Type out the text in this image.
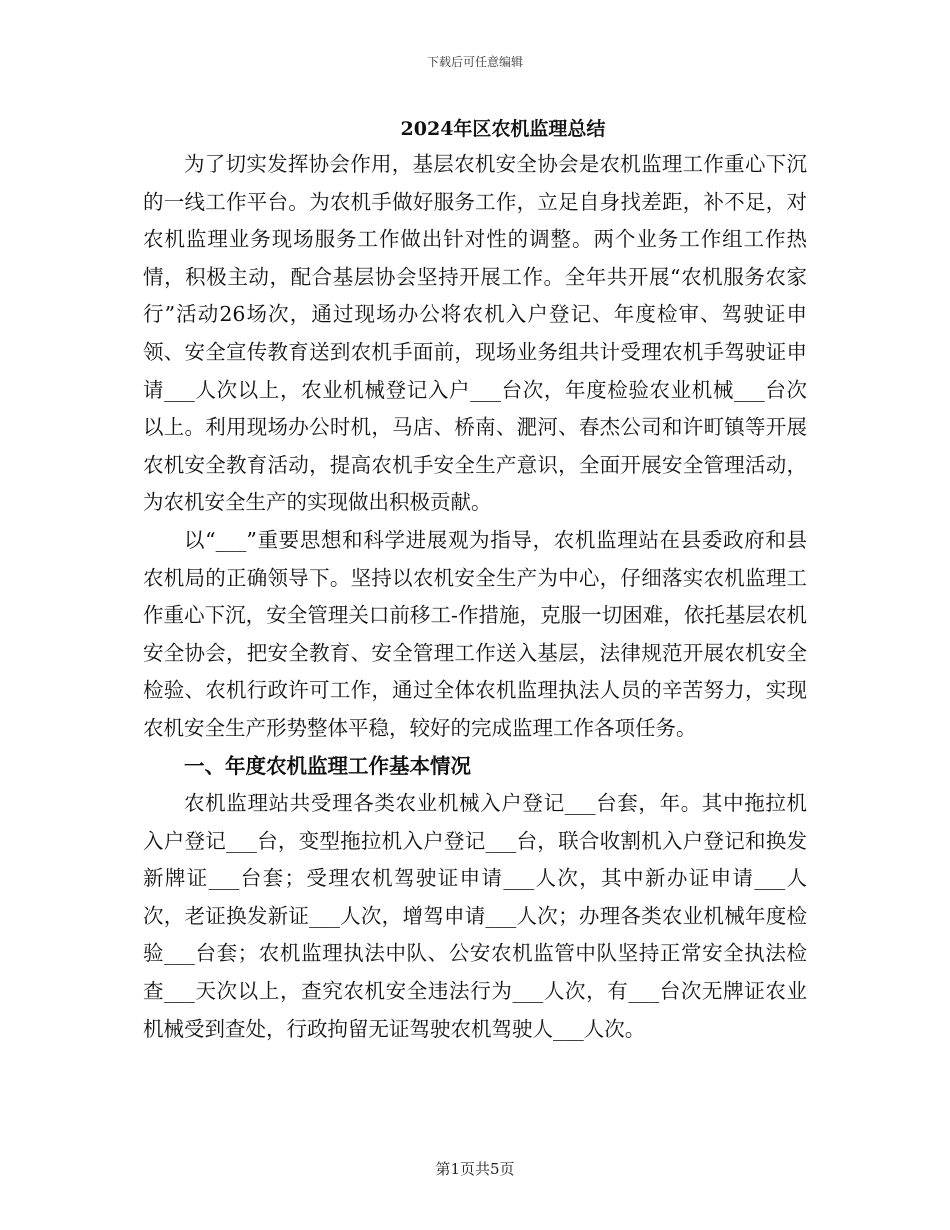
下载后可任意编辑
2024年区农机监理总结

为了切实发挥协会作用，基层农机安全协会是农机监理工作重心下沉的一线工作平台。为农机手做好服务工作，立足自身找差距，补不足，对农机监理业务现场服务工作做出针对性的调整。两个业务工作组工作热情，积极主动，配合基层协会坚持开展工作。全年共开展“农机服务农家行”活动26场次，通过现场办公将农机入户登记、年度检审、驾驶证申领、安全宣传教育送到农机手面前，现场业务组共计受理农机手驾驶证申请___人次以上，农业机械登记入户___台次，年度检验农业机械___台次以上。利用现场办公时机，马店、桥南、淝河、春杰公司和许町镇等开展农机安全教育活动，提高农机手安全生产意识，全面开展安全管理活动，为农机安全生产的实现做出积极贡献。

以“___”重要思想和科学进展观为指导，农机监理站在县委政府和县农机局的正确领导下。坚持以农机安全生产为中心，仔细落实农机监理工作重心下沉，安全管理关口前移工-作措施，克服一切困难，依托基层农机安全协会，把安全教育、安全管理工作送入基层，法律规范开展农机安全检验、农机行政许可工作，通过全体农机监理执法人员的辛苦努力，实现农机安全生产形势整体平稳，较好的完成监理工作各项任务。

一、年度农机监理工作基本情况

农机监理站共受理各类农业机械入户登记___台套，年。其中拖拉机入户登记___台，变型拖拉机入户登记___台，联合收割机入户登记和换发新牌证___台套；受理农机驾驶证申请___人次，其中新办证申请___人次，老证换发新证___人次，增驾申请___人次；办理各类农业机械年度检验___台套；农机监理执法中队、公安农机监管中队坚持正常安全执法检查___天次以上，查究农机安全违法行为___人次，有___台次无牌证农业机械受到查处，行政拘留无证驾驶农机驾驶人___人次。

第1页共5页
